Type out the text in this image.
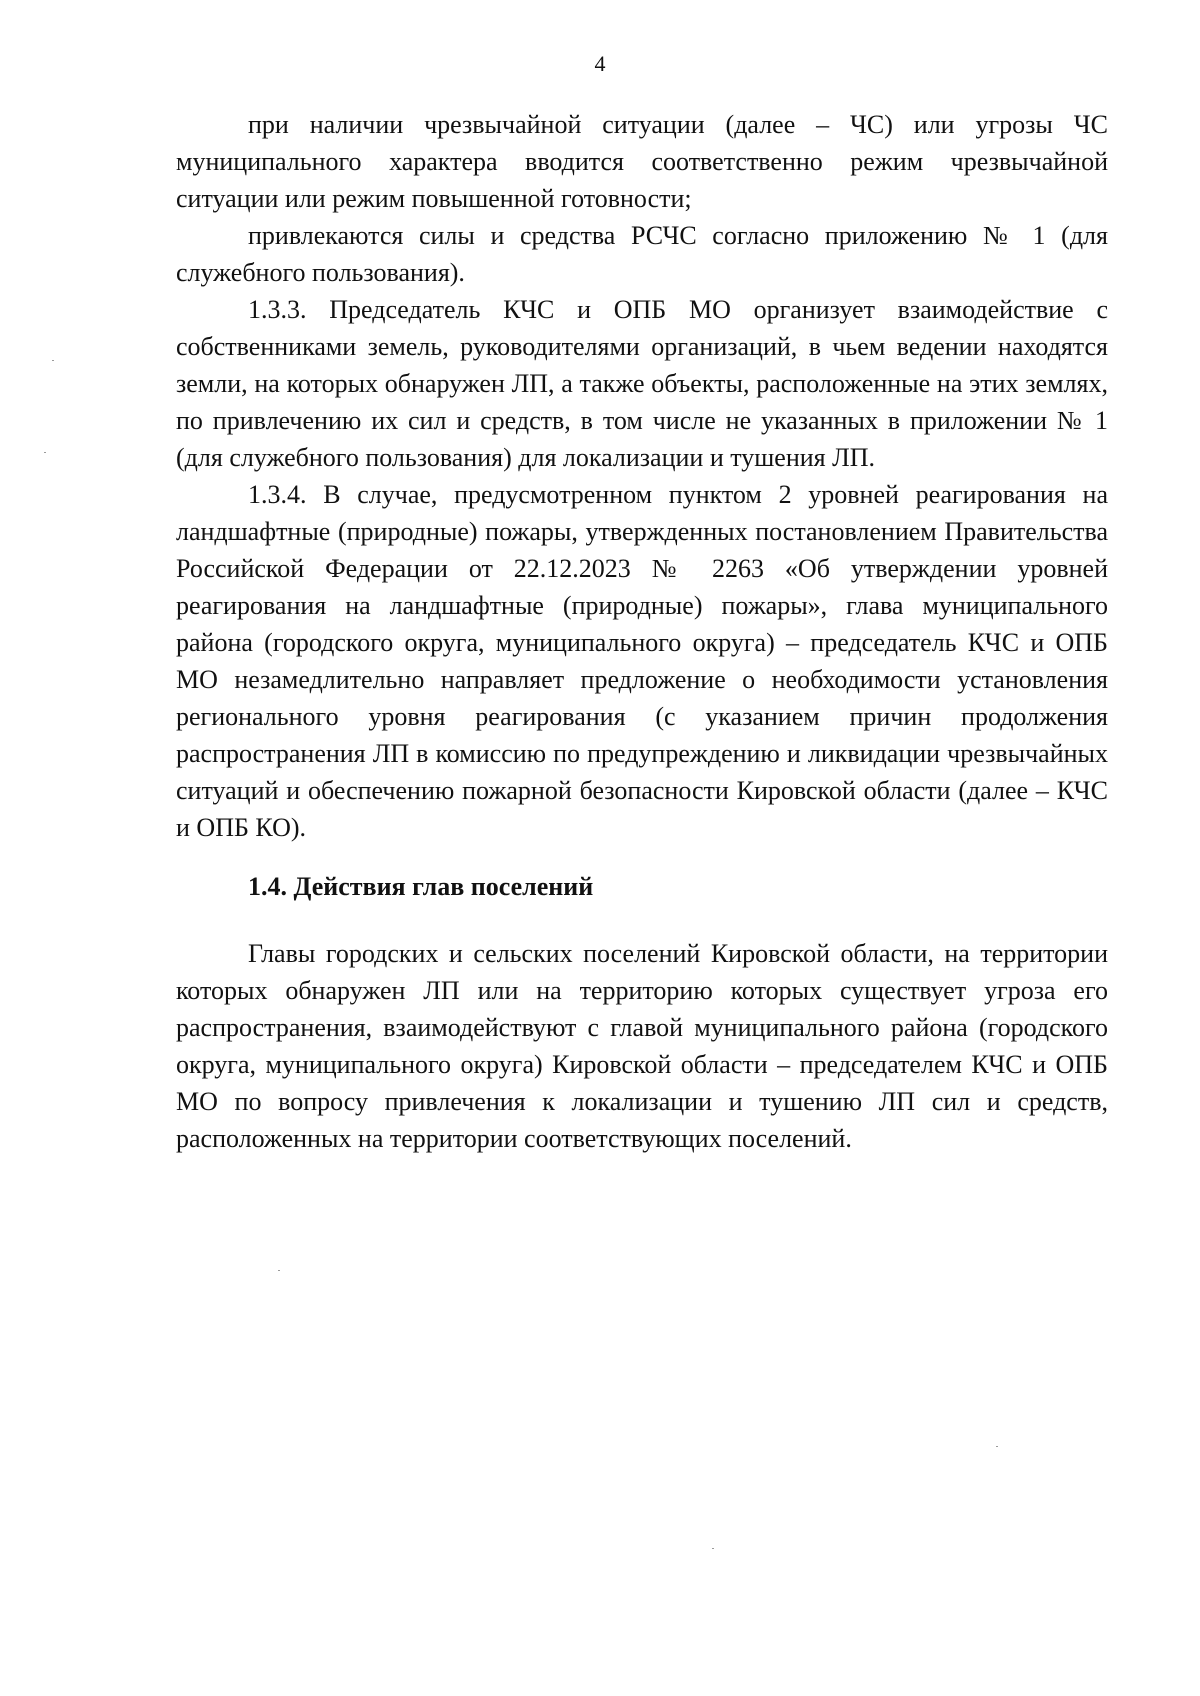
4

при наличии чрезвычайной ситуации (далее – ЧС) или угрозы ЧС муниципального характера вводится соответственно режим чрезвычайной ситуации или режим повышенной готовности;

привлекаются силы и средства РСЧС согласно приложению № 1 (для служебного пользования).

1.3.3. Председатель КЧС и ОПБ МО организует взаимодействие с собственниками земель, руководителями организаций, в чьем ведении находятся земли, на которых обнаружен ЛП, а также объекты, расположенные на этих землях, по привлечению их сил и средств, в том числе не указанных в приложении № 1 (для служебного пользования) для локализации и тушения ЛП.

1.3.4. В случае, предусмотренном пунктом 2 уровней реагирования на ландшафтные (природные) пожары, утвержденных постановлением Правительства Российской Федерации от 22.12.2023 № 2263 «Об утверждении уровней реагирования на ландшафтные (природные) пожары», глава муниципального района (городского округа, муниципального округа) – председатель КЧС и ОПБ МО незамедлительно направляет предложение о необходимости установления регионального уровня реагирования (с указанием причин продолжения распространения ЛП в комиссию по предупреждению и ликвидации чрезвычайных ситуаций и обеспечению пожарной безопасности Кировской области (далее – КЧС и ОПБ КО).

1.4. Действия глав поселений

Главы городских и сельских поселений Кировской области, на территории которых обнаружен ЛП или на территорию которых существует угроза его распространения, взаимодействуют с главой муниципального района (городского округа, муниципального округа) Кировской области – председателем КЧС и ОПБ МО по вопросу привлечения к локализации и тушению ЛП сил и средств, расположенных на территории соответствующих поселений.
